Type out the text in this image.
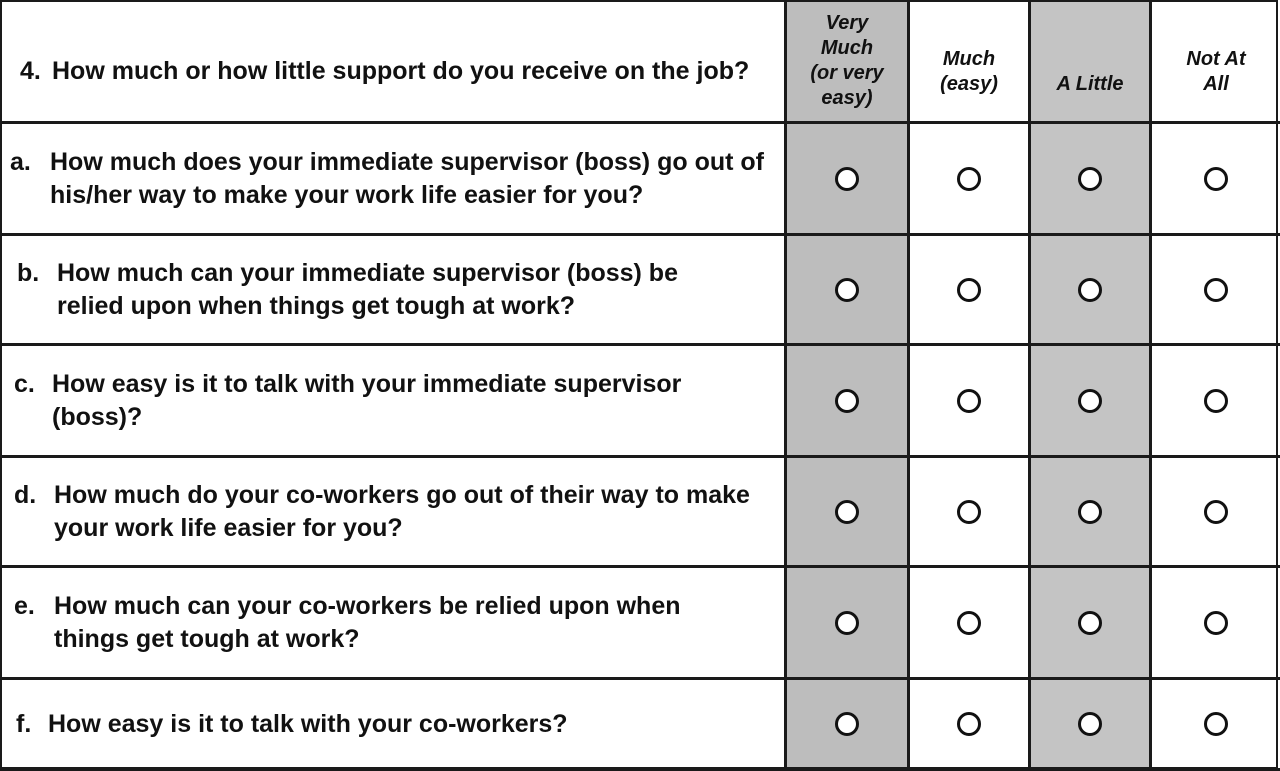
4. How much or how little support do you receive on the job?
Very
Much
(or very
easy)
Much
(easy)	A Little
Not At
All
a. How much does your immediate supervisor (boss) go out of his/her way to make your work life easier for you?
b. How much can your immediate supervisor (boss) be relied upon when things get tough at work?
c. How easy is it to talk with your immediate supervisor (boss)?
d. How much do your co-workers go out of their way to make your work life easier for you?
e. How much can your co-workers be relied upon when things get tough at work?
f. How easy is it to talk with your co-workers?
